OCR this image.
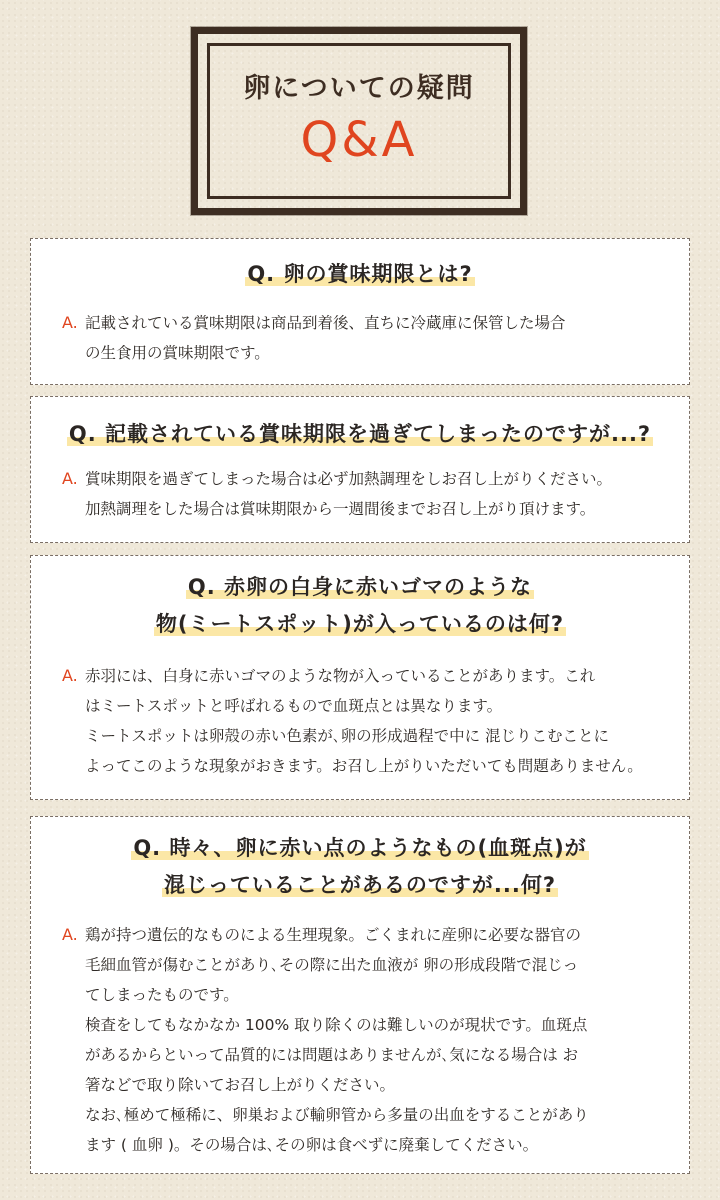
卵についての疑問
Q&A
Q. 卵の賞味期限とは?
A. 記載されている賞味期限は商品到着後、直ちに冷蔵庫に保管した場合
の生食用の賞味期限です。
Q. 記載されている賞味期限を過ぎてしまったのですが...?
A. 賞味期限を過ぎてしまった場合は必ず加熱調理をしお召し上がりください。
加熱調理をした場合は賞味期限から一週間後までお召し上がり頂けます。
Q. 赤卵の白身に赤いゴマのような
物(ミートスポット)が入っているのは何?
A. 赤羽には、白身に赤いゴマのような物が入っていることがあります。これ
はミートスポットと呼ばれるもので血斑点とは異なります。
ミートスポットは卵殻の赤い色素が､卵の形成過程で中に 混じりこむことに
よってこのような現象がおきます。お召し上がりいただいても問題ありません。
Q. 時々、卵に赤い点のようなもの(血斑点)が
混じっていることがあるのですが...何?
A. 鶏が持つ遺伝的なものによる生理現象。ごくまれに産卵に必要な器官の
毛細血管が傷むことがあり､その際に出た血液が 卵の形成段階で混じっ
てしまったものです。
検査をしてもなかなか 100% 取り除くのは難しいのが現状です。血斑点
があるからといって品質的には問題はありませんが､気になる場合は お
箸などで取り除いてお召し上がりください。
なお､極めて極稀に、卵巣および輸卵管から多量の出血をすることがあり
ます ( 血卵 )。その場合は､その卵は食べずに廃棄してください。
